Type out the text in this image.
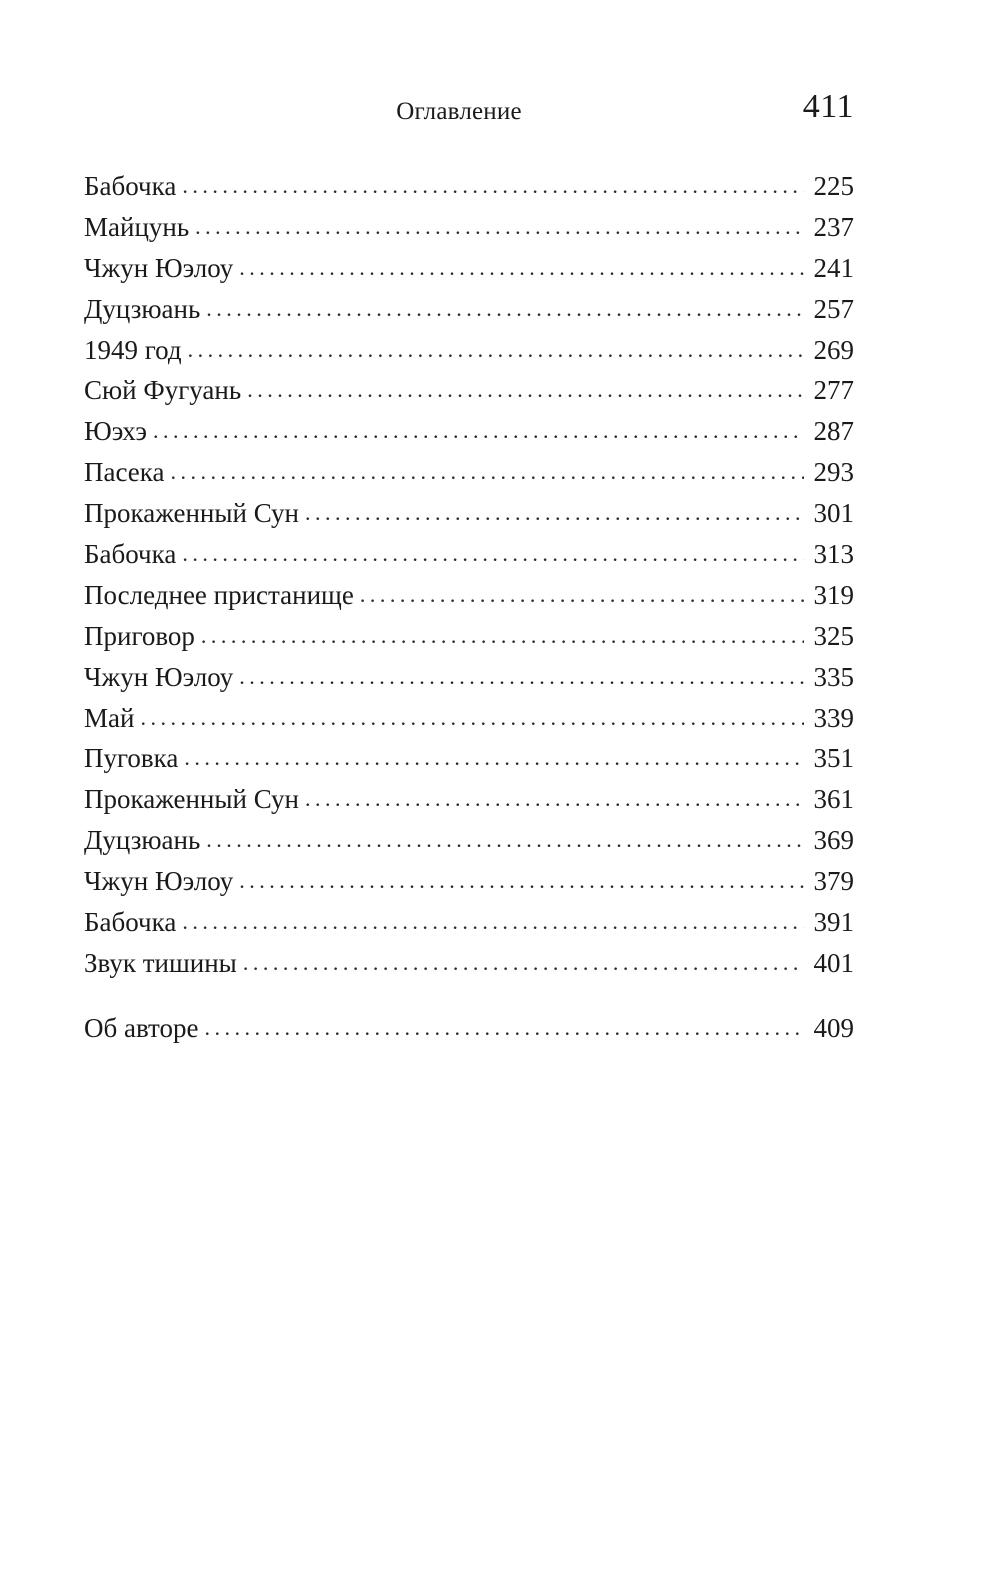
Оглавление	411
Бабочка . . .	225
Майцунь . . .	237
Чжун Юэлоу . . .	241
Дуцзюань . . .	257
1949 год . . .	269
Сюй Фугуань . . .	277
Юэхэ . . .	287
Пасека . . .	293
Прокаженный Сун . . .	301
Бабочка . . .	313
Последнее пристанище . . .	319
Приговор . . .	325
Чжун Юэлоу . . .	335
Май . . .	339
Пуговка . . .	351
Прокаженный Сун . . .	361
Дуцзюань . . .	369
Чжун Юэлоу . . .	379
Бабочка . . .	391
Звук тишины . . .	401
Об авторе . . .	409
